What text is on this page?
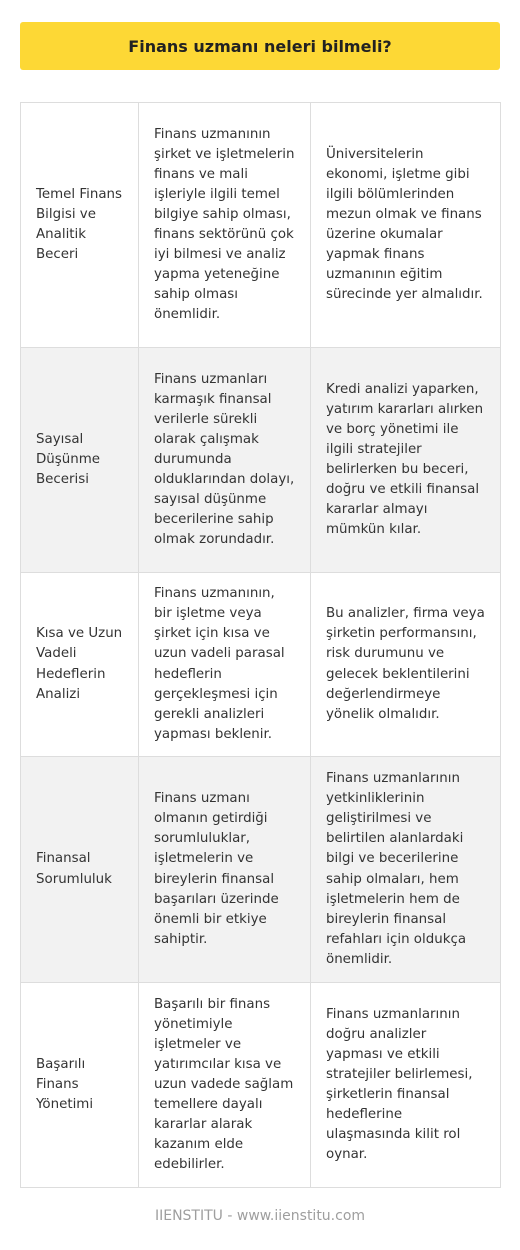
Finans uzmanı neleri bilmeli?
Temel Finans Bilgisi ve Analitik Beceri	Finans uzmanının şirket ve işletmelerin finans ve mali işleriyle ilgili temel bilgiye sahip olması, finans sektörünü çok iyi bilmesi ve analiz yapma yeteneğine sahip olması önemlidir.	Üniversitelerin ekonomi, işletme gibi ilgili bölümlerinden mezun olmak ve finans üzerine okumalar yapmak finans uzmanının eğitim sürecinde yer almalıdır.
Sayısal Düşünme Becerisi	Finans uzmanları karmaşık finansal verilerle sürekli olarak çalışmak durumunda olduklarından dolayı, sayısal düşünme becerilerine sahip olmak zorundadır.	Kredi analizi yaparken, yatırım kararları alırken ve borç yönetimi ile ilgili stratejiler belirlerken bu beceri, doğru ve etkili finansal kararlar almayı mümkün kılar.
Kısa ve Uzun Vadeli Hedeflerin Analizi	Finans uzmanının, bir işletme veya şirket için kısa ve uzun vadeli parasal hedeflerin gerçekleşmesi için gerekli analizleri yapması beklenir.	Bu analizler, firma veya şirketin performansını, risk durumunu ve gelecek beklentilerini değerlendirmeye yönelik olmalıdır.
Finansal Sorumluluk	Finans uzmanı olmanın getirdiği sorumluluklar, işletmelerin ve bireylerin finansal başarıları üzerinde önemli bir etkiye sahiptir.	Finans uzmanlarının yetkinliklerinin geliştirilmesi ve belirtilen alanlardaki bilgi ve becerilerine sahip olmaları, hem işletmelerin hem de bireylerin finansal refahları için oldukça önemlidir.
Başarılı Finans Yönetimi	Başarılı bir finans yönetimiyle işletmeler ve yatırımcılar kısa ve uzun vadede sağlam temellere dayalı kararlar alarak kazanım elde edebilirler.	Finans uzmanlarının doğru analizler yapması ve etkili stratejiler belirlemesi, şirketlerin finansal hedeflerine ulaşmasında kilit rol oynar.
IIENSTITU - www.iienstitu.com
